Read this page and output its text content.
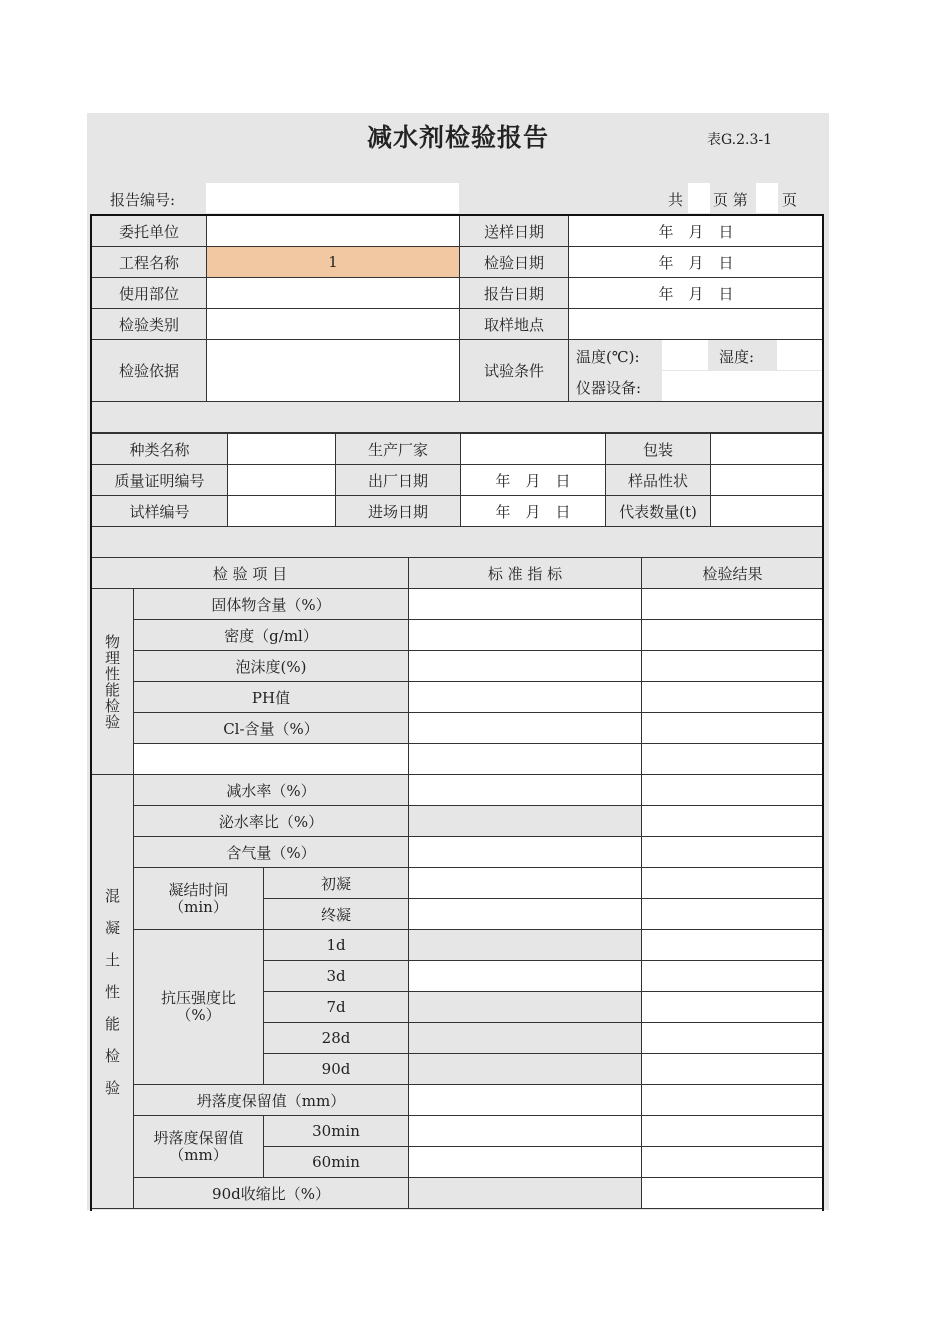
减水剂检验报告	表G.2.3-1
报告编号:	共 页 第 页
委托单位		送样日期	年　月　日
工程名称	1	检验日期	年　月　日
使用部位		报告日期	年　月　日
检验类别		取样地点	
检验依据		试验条件	温度(℃): 湿度:
仪器设备:

种类名称		生产厂家		包装	
质量证明编号		出厂日期	年　月　日	样品性状	
试样编号		进场日期	年　月　日	代表数量(t)	

检 验 项 目			标 准 指 标	检验结果

物理性能检验	固体物含量（%）			
	密度（g/ml）			
	泡沫度(%)			
	PH值			
	Cl-含量（%）			

混凝土性能检验	减水率（%）			
	泌水率比（%）			
	含气量（%）			

	凝结时间（min）	初凝		
		终凝		

	抗压强度比（%）	1d		
		3d		
		7d		
		28d		
		90d		
	坍落度保留值（mm）			

	坍落度保留值（mm）	30min		
		60min		
	90d收缩比（%）			
